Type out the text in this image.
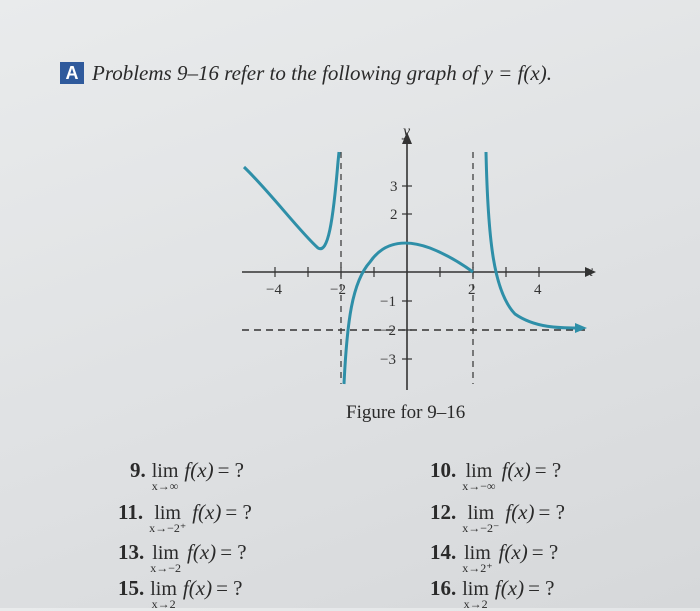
A Problems 9–16 refer to the following graph of y = f(x).
−4	−2	2	4
3
2
−1
−2
−3
x
y
Figure for 9–16
9. lim
x→∞
f(x) = ?	10. lim
x→−∞
f(x) = ?
11. lim
x→−2⁺
f(x) = ?	12. lim
x→−2⁻
f(x) = ?
13. lim
x→−2
f(x) = ?	14. lim
x→2⁺
f(x) = ?
15. lim
x→2
f(x) = ?	16. lim
x→2
f(x) = ?
